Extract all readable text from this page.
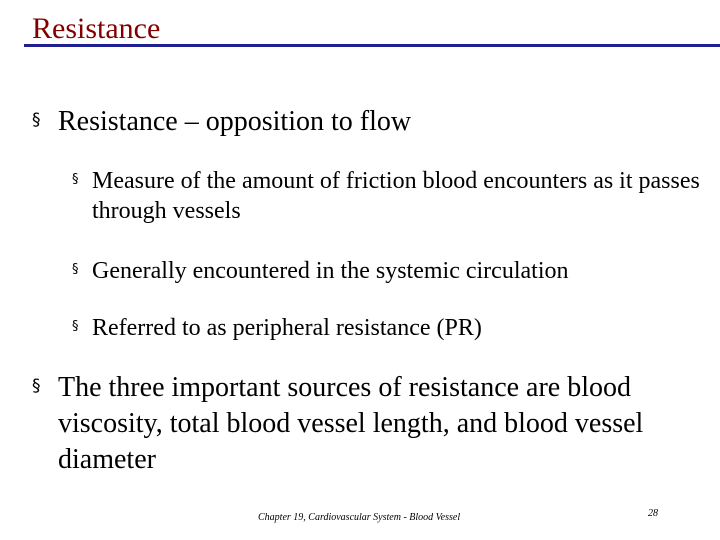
Resistance
§ Resistance – opposition to flow
§ Measure of the amount of friction blood encounters as it passes through vessels
§ Generally encountered in the systemic circulation
§ Referred to as peripheral resistance (PR)
§ The three important sources of resistance are blood viscosity, total blood vessel length, and blood vessel diameter
Chapter 19, Cardiovascular System - Blood Vessel	28
